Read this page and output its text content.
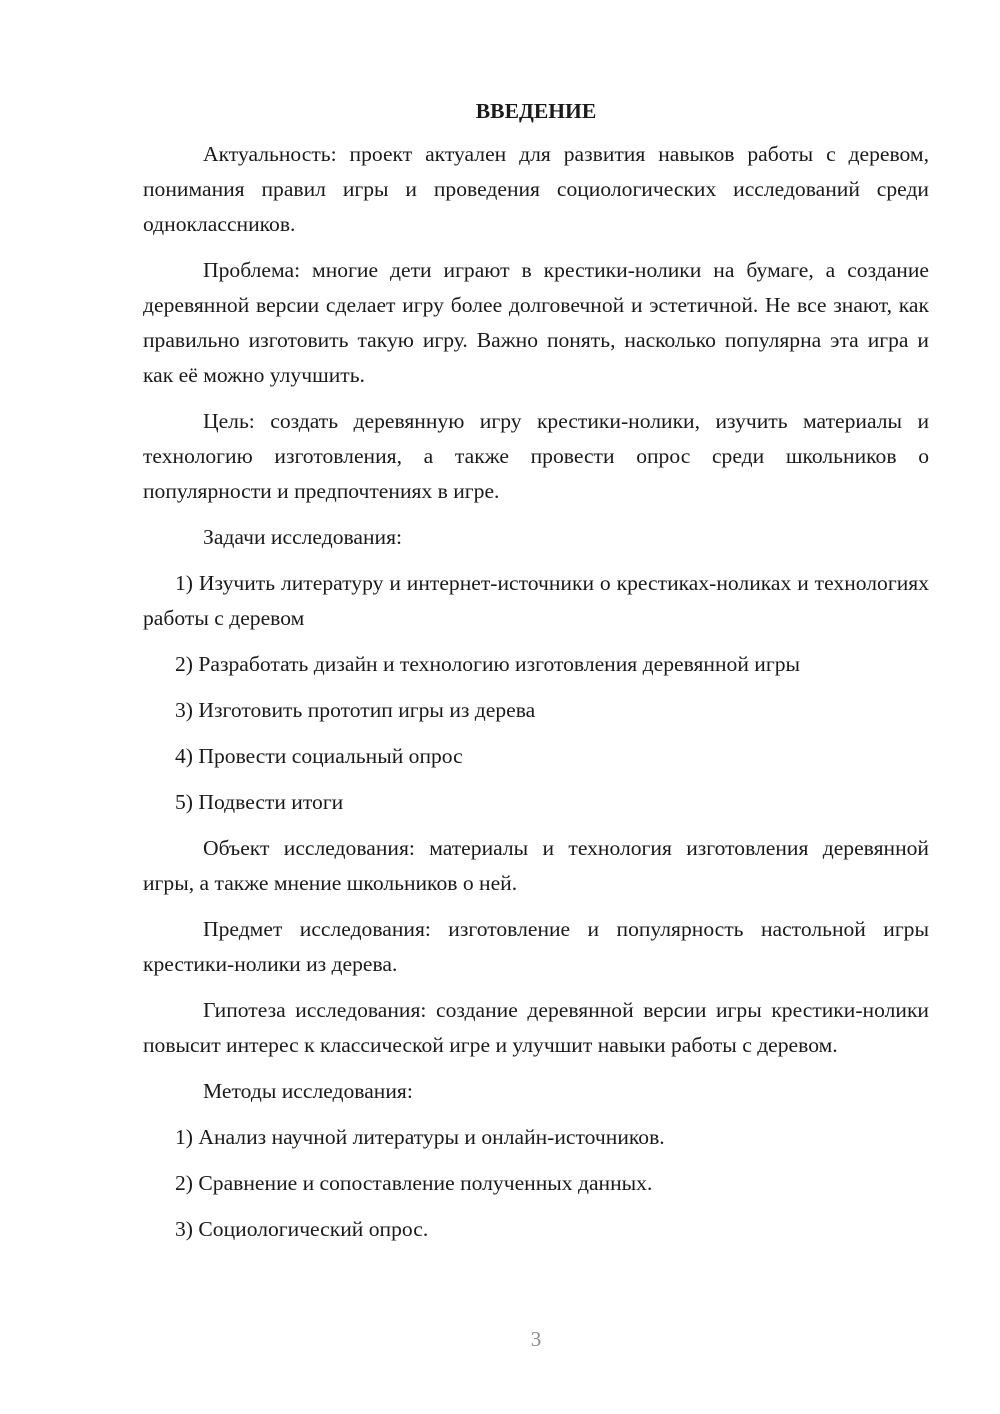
ВВЕДЕНИЕ

Актуальность: проект актуален для развития навыков работы с деревом, понимания правил игры и проведения социологических исследований среди одноклассников.

Проблема: многие дети играют в крестики-нолики на бумаге, а создание деревянной версии сделает игру более долговечной и эстетичной. Не все знают, как правильно изготовить такую игру. Важно понять, насколько популярна эта игра и как её можно улучшить.

Цель: создать деревянную игру крестики-нолики, изучить материалы и технологию изготовления, а также провести опрос среди школьников о популярности и предпочтениях в игре.

Задачи исследования:

1) Изучить литературу и интернет-источники о крестиках-ноликах и технологиях работы с деревом

2) Разработать дизайн и технологию изготовления деревянной игры

3) Изготовить прототип игры из дерева

4) Провести социальный опрос

5) Подвести итоги

Объект исследования: материалы и технология изготовления деревянной игры, а также мнение школьников о ней.

Предмет исследования: изготовление и популярность настольной игры крестики-нолики из дерева.

Гипотеза исследования: создание деревянной версии игры крестики-нолики повысит интерес к классической игре и улучшит навыки работы с деревом.

Методы исследования:

1) Анализ научной литературы и онлайн-источников.

2) Сравнение и сопоставление полученных данных.

3) Социологический опрос.

3
